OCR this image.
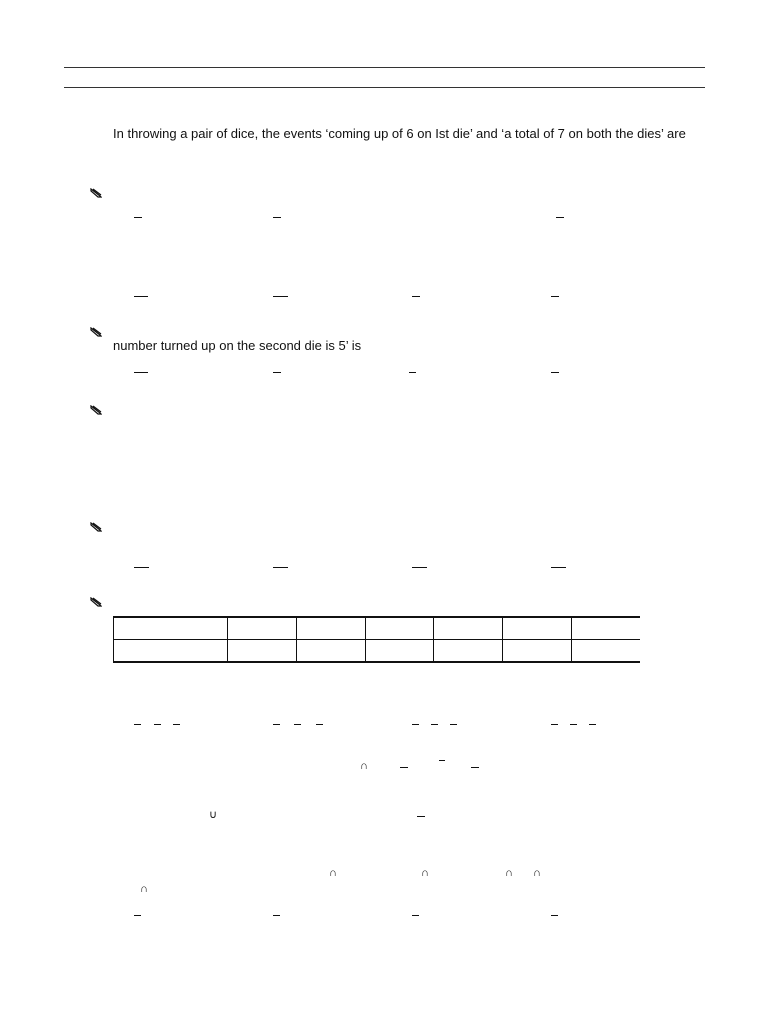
In throwing a pair of dice, the events ‘coming up of 6 on Ist die’ and ‘a total of 7 on both the dies’ are
number turned up on the second die is 5’ is

∩
∪
∩	∩	∩ ∩
∩
